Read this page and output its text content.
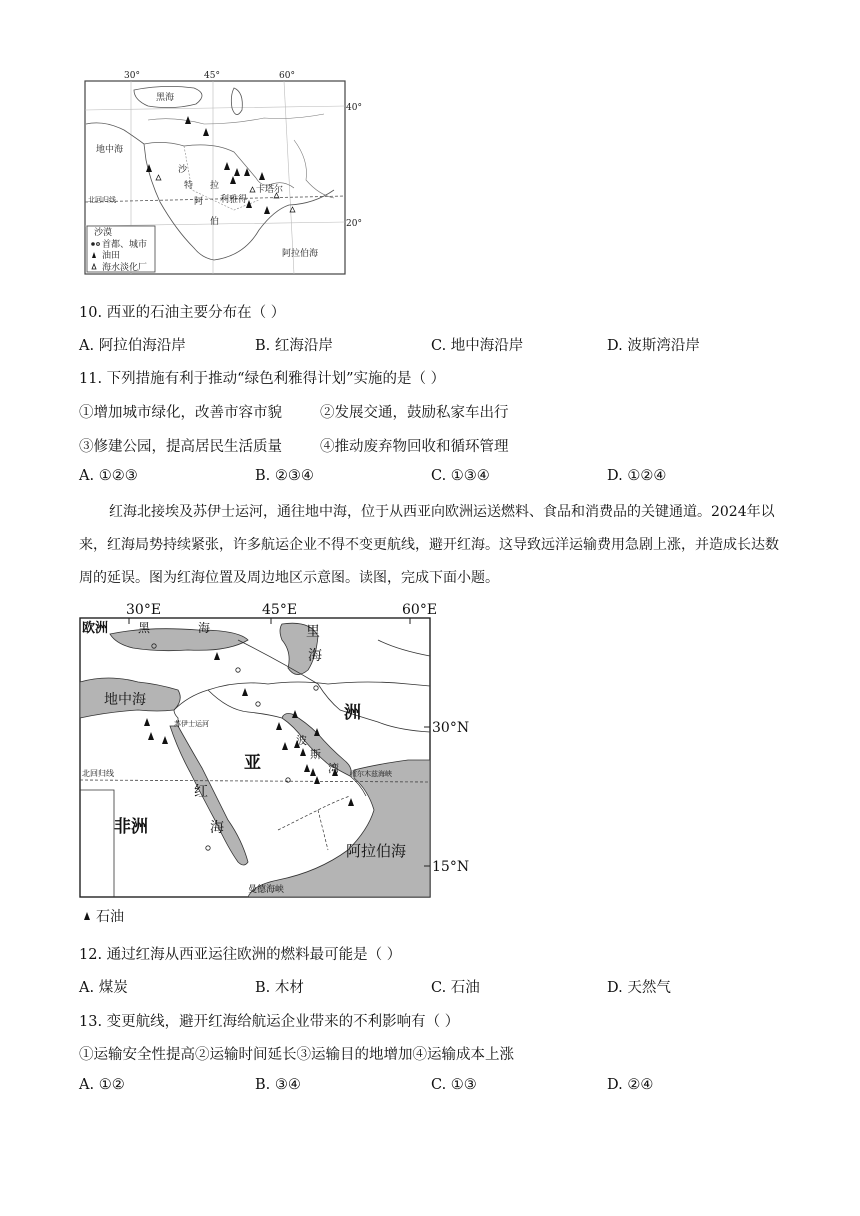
沙漠
首都、城市
油田
海水淡化厂
30°	45°	60°
40°
20°
黑海
地中海
沙
特
阿
拉
伯
利雅得
卡塔尔
阿拉伯海
北回归线
10. 西亚的石油主要分布在（ ）
A. 阿拉伯海沿岸	B. 红海沿岸	C. 地中海沿岸	D. 波斯湾沿岸
11. 下列措施有利于推动“绿色利雅得计划”实施的是（ ）
①增加城市绿化，改善市容市貌	②发展交通，鼓励私家车出行
③修建公园，提高居民生活质量	④推动废弃物回收和循环管理
A. ①②③	B. ②③④	C. ①③④	D. ①②④

红海北接埃及苏伊士运河，通往地中海，位于从西亚向欧洲运送燃料、食品和消费品的关键通道。2024年以来，红海局势持续紧张，许多航运企业不得不变更航线，避开红海。这导致远洋运输费用急剧上涨，并造成长达数周的延误。图为红海位置及周边地区示意图。读图，完成下面小题。

30°E	45°E	60°E
30°N
15°N
欧洲 黑	海	里
海
地中海
苏伊士运河
洲
亚
非洲
红
海
波
斯
湾 霍尔木兹海峡
阿拉伯海
曼德海峡
北回归线
石油
12. 通过红海从西亚运往欧洲的燃料最可能是（ ）
A. 煤炭	B. 木材	C. 石油	D. 天然气
13. 变更航线，避开红海给航运企业带来的不利影响有（ ）
①运输安全性提高②运输时间延长③运输目的地增加④运输成本上涨
A. ①②	B. ③④	C. ①③	D. ②④
